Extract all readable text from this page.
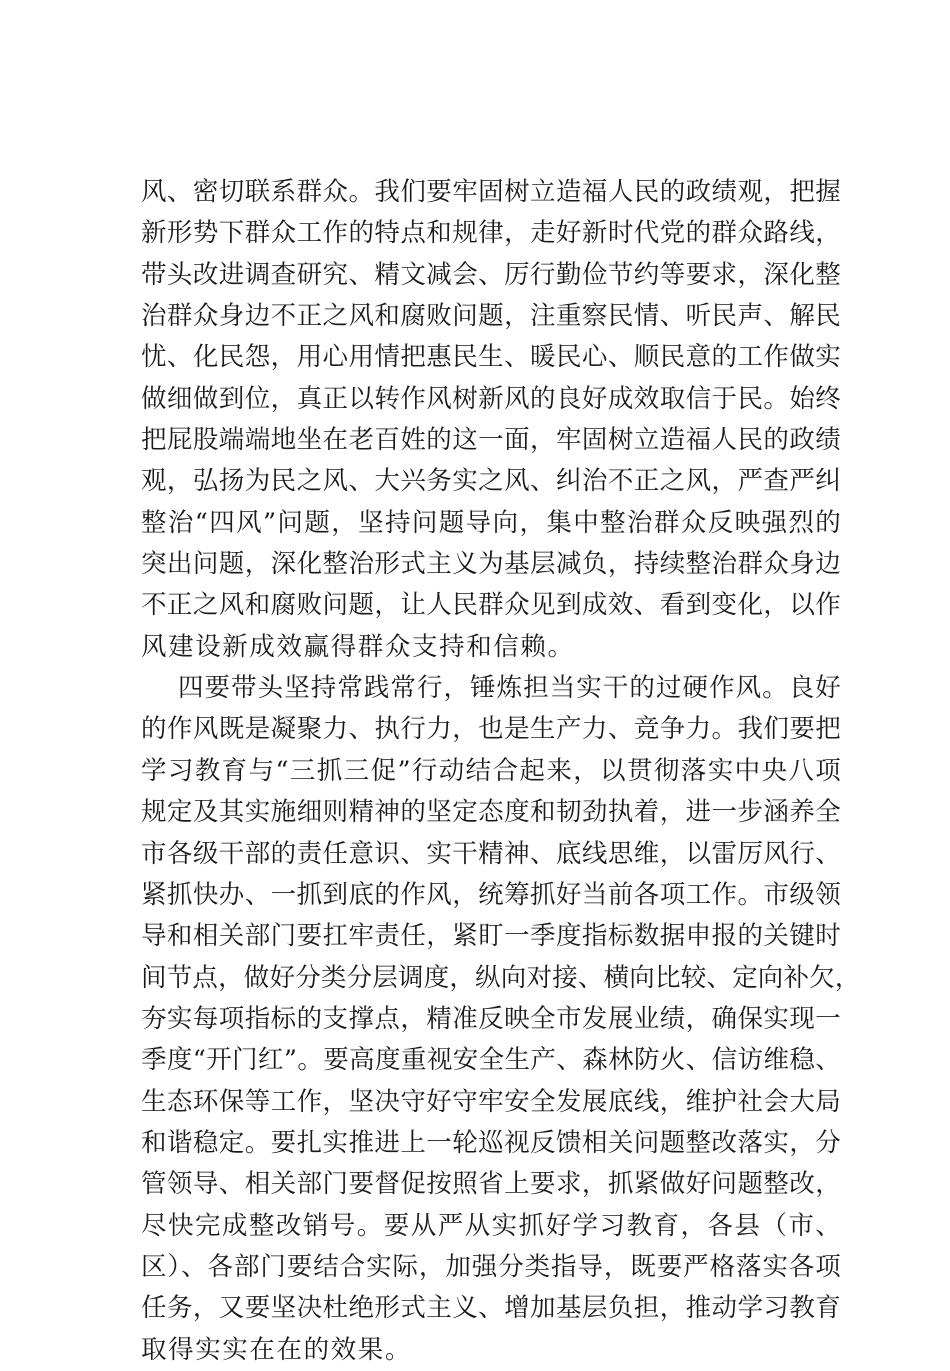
风、密切联系群众。我们要牢固树立造福人民的政绩观，把握
新形势下群众工作的特点和规律，走好新时代党的群众路线，
带头改进调查研究、精文减会、厉行勤俭节约等要求，深化整
治群众身边不正之风和腐败问题，注重察民情、听民声、解民
忧、化民怨，用心用情把惠民生、暖民心、顺民意的工作做实
做细做到位，真正以转作风树新风的良好成效取信于民。始终
把屁股端端地坐在老百姓的这一面，牢固树立造福人民的政绩
观，弘扬为民之风、大兴务实之风、纠治不正之风，严查严纠
整治“四风”问题，坚持问题导向，集中整治群众反映强烈的
突出问题，深化整治形式主义为基层减负，持续整治群众身边
不正之风和腐败问题，让人民群众见到成效、看到变化，以作
风建设新成效赢得群众支持和信赖。
四要带头坚持常践常行，锤炼担当实干的过硬作风。良好
的作风既是凝聚力、执行力，也是生产力、竞争力。我们要把
学习教育与“三抓三促”行动结合起来，以贯彻落实中央八项
规定及其实施细则精神的坚定态度和韧劲执着，进一步涵养全
市各级干部的责任意识、实干精神、底线思维，以雷厉风行、
紧抓快办、一抓到底的作风，统筹抓好当前各项工作。市级领
导和相关部门要扛牢责任，紧盯一季度指标数据申报的关键时
间节点，做好分类分层调度，纵向对接、横向比较、定向补欠，
夯实每项指标的支撑点，精准反映全市发展业绩，确保实现一
季度“开门红”。要高度重视安全生产、森林防火、信访维稳、
生态环保等工作，坚决守好守牢安全发展底线，维护社会大局
和谐稳定。要扎实推进上一轮巡视反馈相关问题整改落实，分
管领导、相关部门要督促按照省上要求，抓紧做好问题整改，
尽快完成整改销号。要从严从实抓好学习教育，各县（市、
区）、各部门要结合实际，加强分类指导，既要严格落实各项
任务，又要坚决杜绝形式主义、增加基层负担，推动学习教育
取得实实在在的效果。
